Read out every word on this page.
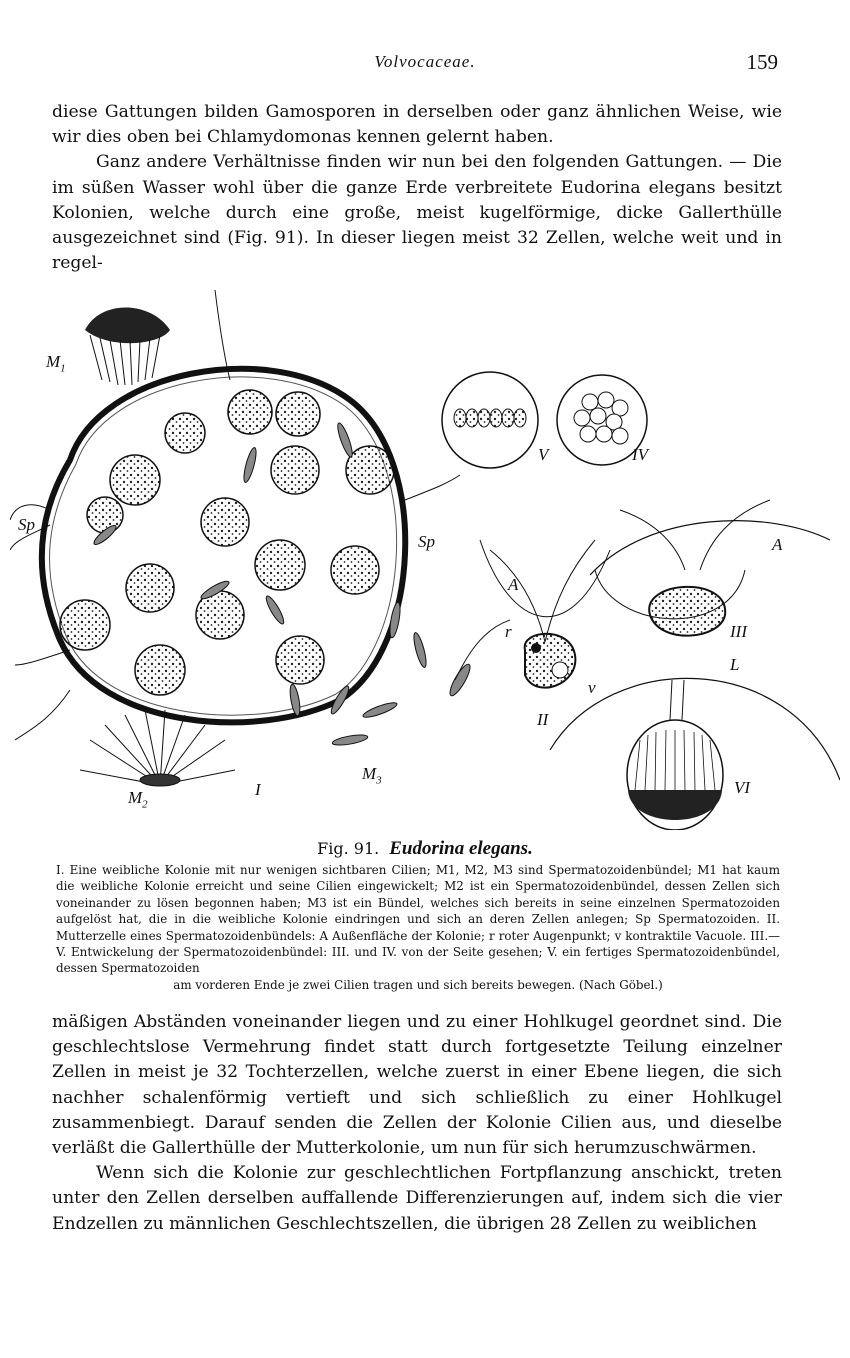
Volvocaceae.	159

diese Gattungen bilden Gamosporen in derselben oder ganz ähnlichen Weise, wie wir dies oben bei Chlamydomonas kennen gelernt haben.

Ganz andere Verhältnisse finden wir nun bei den folgenden Gattungen. — Die im süßen Wasser wohl über die ganze Erde verbreitete Eudorina elegans besitzt Kolonien, welche durch eine große, meist kugelförmige, dicke Gallerthülle ausgezeichnet sind (Fig. 91). In dieser liegen meist 32 Zellen, welche weit und in regel-

$M_1$
$M_2$
$M_3$
Sp
Sp
r
v
A
A
L
I
II
III
IV
V
VI
Fig. 91. Eudorina elegans.

I. Eine weibliche Kolonie mit nur wenigen sichtbaren Cilien; M1, M2, M3 sind Spermatozoidenbündel; M1 hat kaum die weibliche Kolonie erreicht und seine Cilien eingewickelt; M2 ist ein Spermatozoidenbündel, dessen Zellen sich voneinander zu lösen begonnen haben; M3 ist ein Bündel, welches sich bereits in seine einzelnen Spermatozoiden aufgelöst hat, die in die weibliche Kolonie eindringen und sich an deren Zellen anlegen; Sp Spermatozoiden. II. Mutterzelle eines Spermatozoidenbündels: A Außenfläche der Kolonie; r roter Augenpunkt; v kontraktile Vacuole. III.—V. Entwickelung der Spermatozoidenbündel: III. und IV. von der Seite gesehen; V. ein fertiges Spermatozoidenbündel, dessen Spermatozoiden

am vorderen Ende je zwei Cilien tragen und sich bereits bewegen. (Nach Göbel.)

mäßigen Abständen voneinander liegen und zu einer Hohlkugel geordnet sind. Die geschlechtslose Vermehrung findet statt durch fortgesetzte Teilung einzelner Zellen in meist je 32 Tochterzellen, welche zuerst in einer Ebene liegen, die sich nachher schalenförmig vertieft und sich schließlich zu einer Hohlkugel zusammenbiegt. Darauf senden die Zellen der Kolonie Cilien aus, und dieselbe verläßt die Gallerthülle der Mutterkolonie, um nun für sich herumzuschwärmen.

Wenn sich die Kolonie zur geschlechtlichen Fortpflanzung anschickt, treten unter den Zellen derselben auffallende Differenzierungen auf, indem sich die vier Endzellen zu männlichen Geschlechtszellen, die übrigen 28 Zellen zu weiblichen
